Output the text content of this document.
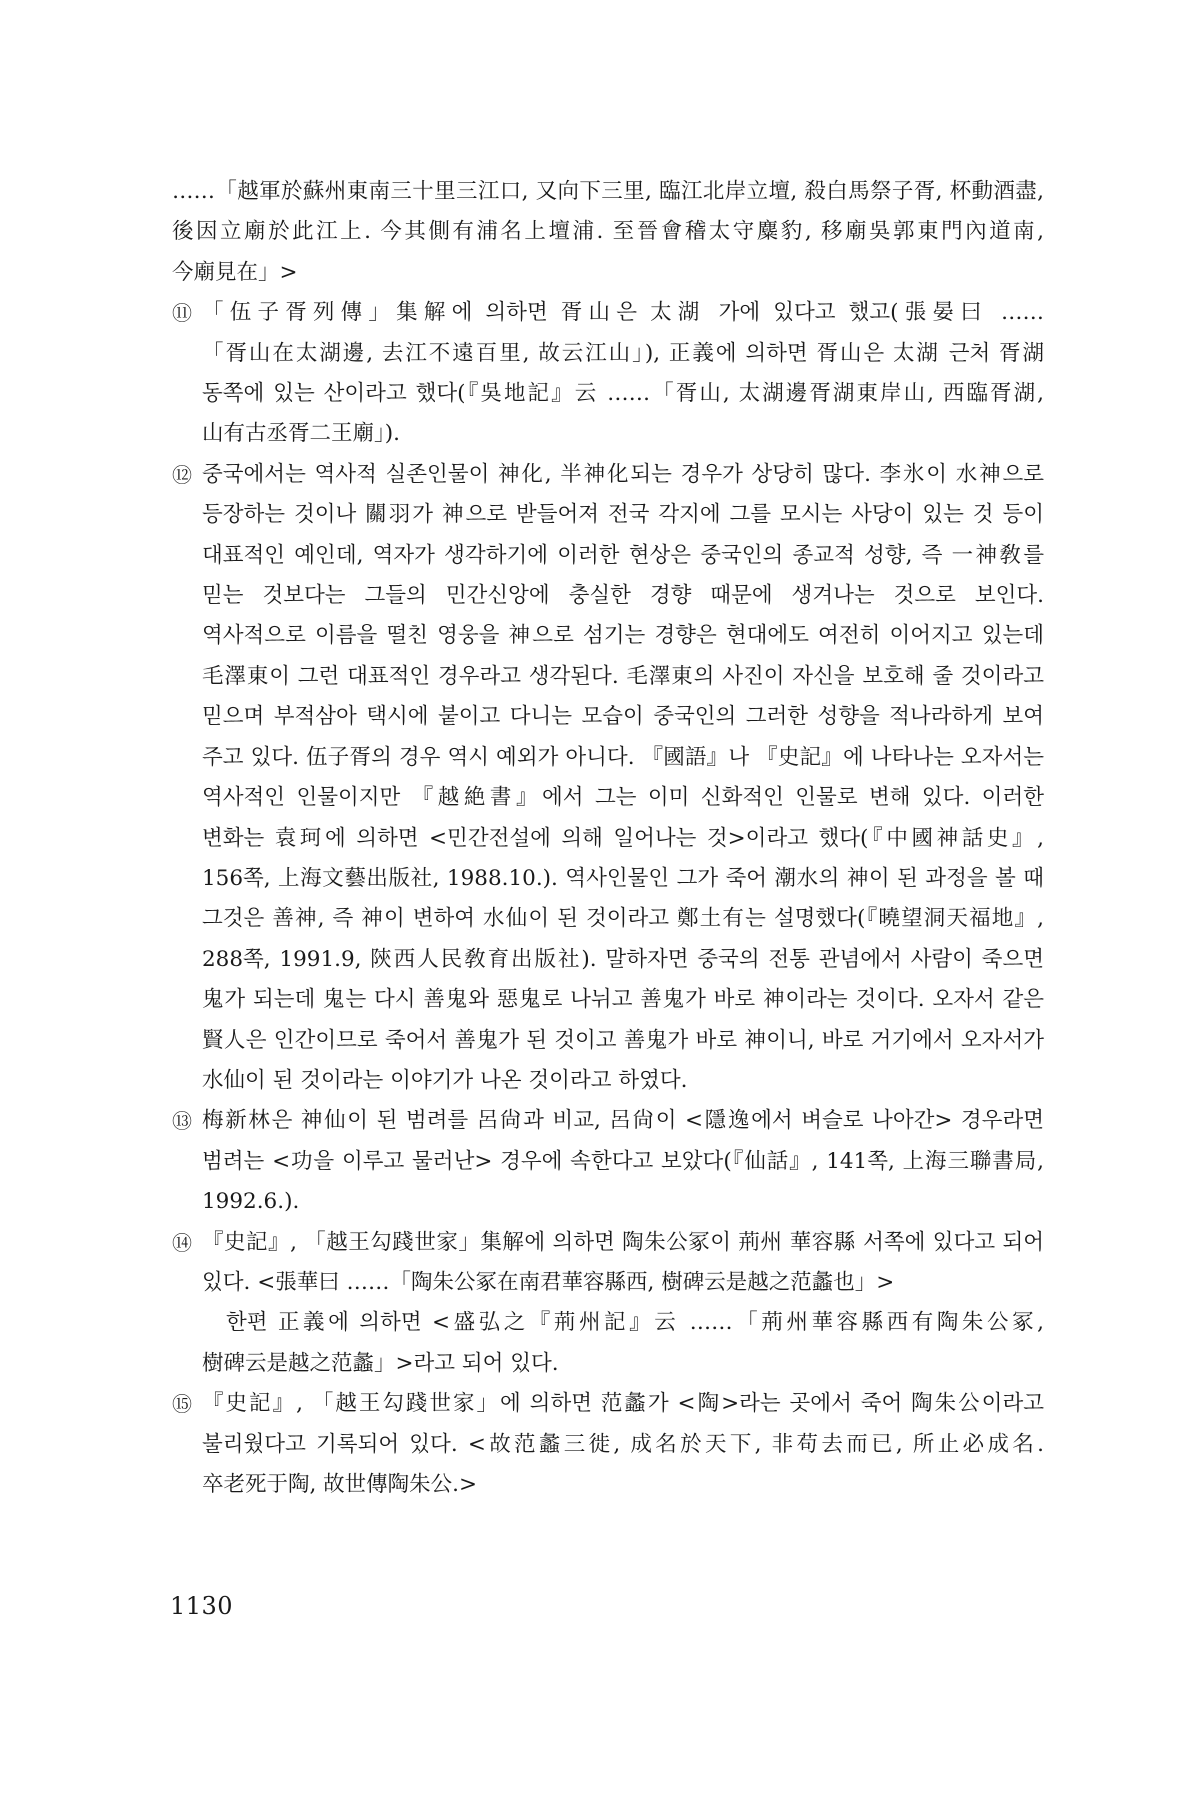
……「越軍於蘇州東南三十里三江口, 又向下三里, 臨江北岸立壇, 殺白馬祭子胥, 杯動酒盡, 後因立廟於此江上. 今其側有浦名上壇浦. 至晉會稽太守麋豹, 移廟吳郭東門內道南, 今廟見在」>

⑪ 「伍子胥列傳」集解에 의하면 胥山은 太湖 가에 있다고 했고(張晏曰 ……「胥山在太湖邊, 去江不遠百里, 故云江山」), 正義에 의하면 胥山은 太湖 근처 胥湖 동쪽에 있는 산이라고 했다(『吳地記』云 ……「胥山, 太湖邊胥湖東岸山, 西臨胥湖, 山有古丞胥二王廟」).
⑫ 중국에서는 역사적 실존인물이 神化, 半神化되는 경우가 상당히 많다. 李氷이 水神으로 등장하는 것이나 關羽가 神으로 받들어져 전국 각지에 그를 모시는 사당이 있는 것 등이 대표적인 예인데, 역자가 생각하기에 이러한 현상은 중국인의 종교적 성향, 즉 一神敎를 믿는 것보다는 그들의 민간신앙에 충실한 경향 때문에 생겨나는 것으로 보인다. 역사적으로 이름을 떨친 영웅을 神으로 섬기는 경향은 현대에도 여전히 이어지고 있는데 毛澤東이 그런 대표적인 경우라고 생각된다. 毛澤東의 사진이 자신을 보호해 줄 것이라고 믿으며 부적삼아 택시에 붙이고 다니는 모습이 중국인의 그러한 성향을 적나라하게 보여 주고 있다. 伍子胥의 경우 역시 예외가 아니다. 『國語』나 『史記』에 나타나는 오자서는 역사적인 인물이지만 『越絶書』에서 그는 이미 신화적인 인물로 변해 있다. 이러한 변화는 袁珂에 의하면 <민간전설에 의해 일어나는 것>이라고 했다(『中國神話史』, 156쪽, 上海文藝出版社, 1988.10.). 역사인물인 그가 죽어 潮水의 神이 된 과정을 볼 때 그것은 善神, 즉 神이 변하여 水仙이 된 것이라고 鄭土有는 설명했다(『曉望洞天福地』, 288쪽, 1991.9, 陝西人民敎育出版社). 말하자면 중국의 전통 관념에서 사람이 죽으면 鬼가 되는데 鬼는 다시 善鬼와 惡鬼로 나뉘고 善鬼가 바로 神이라는 것이다. 오자서 같은 賢人은 인간이므로 죽어서 善鬼가 된 것이고 善鬼가 바로 神이니, 바로 거기에서 오자서가 水仙이 된 것이라는 이야기가 나온 것이라고 하였다.
⑬ 梅新林은 神仙이 된 범려를 呂尙과 비교, 呂尙이 <隱逸에서 벼슬로 나아간> 경우라면 범려는 <功을 이루고 물러난> 경우에 속한다고 보았다(『仙話』, 141쪽, 上海三聯書局, 1992.6.).
⑭ 『史記』, 「越王勾踐世家」集解에 의하면 陶朱公冢이 荊州 華容縣 서쪽에 있다고 되어 있다. <張華曰 ……「陶朱公冢在南君華容縣西, 樹碑云是越之范蠡也」>

한편 正義에 의하면 <盛弘之『荊州記』云 ……「荊州華容縣西有陶朱公冢, 樹碑云是越之范蠡」>라고 되어 있다.

⑮ 『史記』, 「越王勾踐世家」에 의하면 范蠡가 <陶>라는 곳에서 죽어 陶朱公이라고 불리웠다고 기록되어 있다. <故范蠡三徙, 成名於天下, 非苟去而已, 所止必成名. 卒老死于陶, 故世傳陶朱公.>
1130
